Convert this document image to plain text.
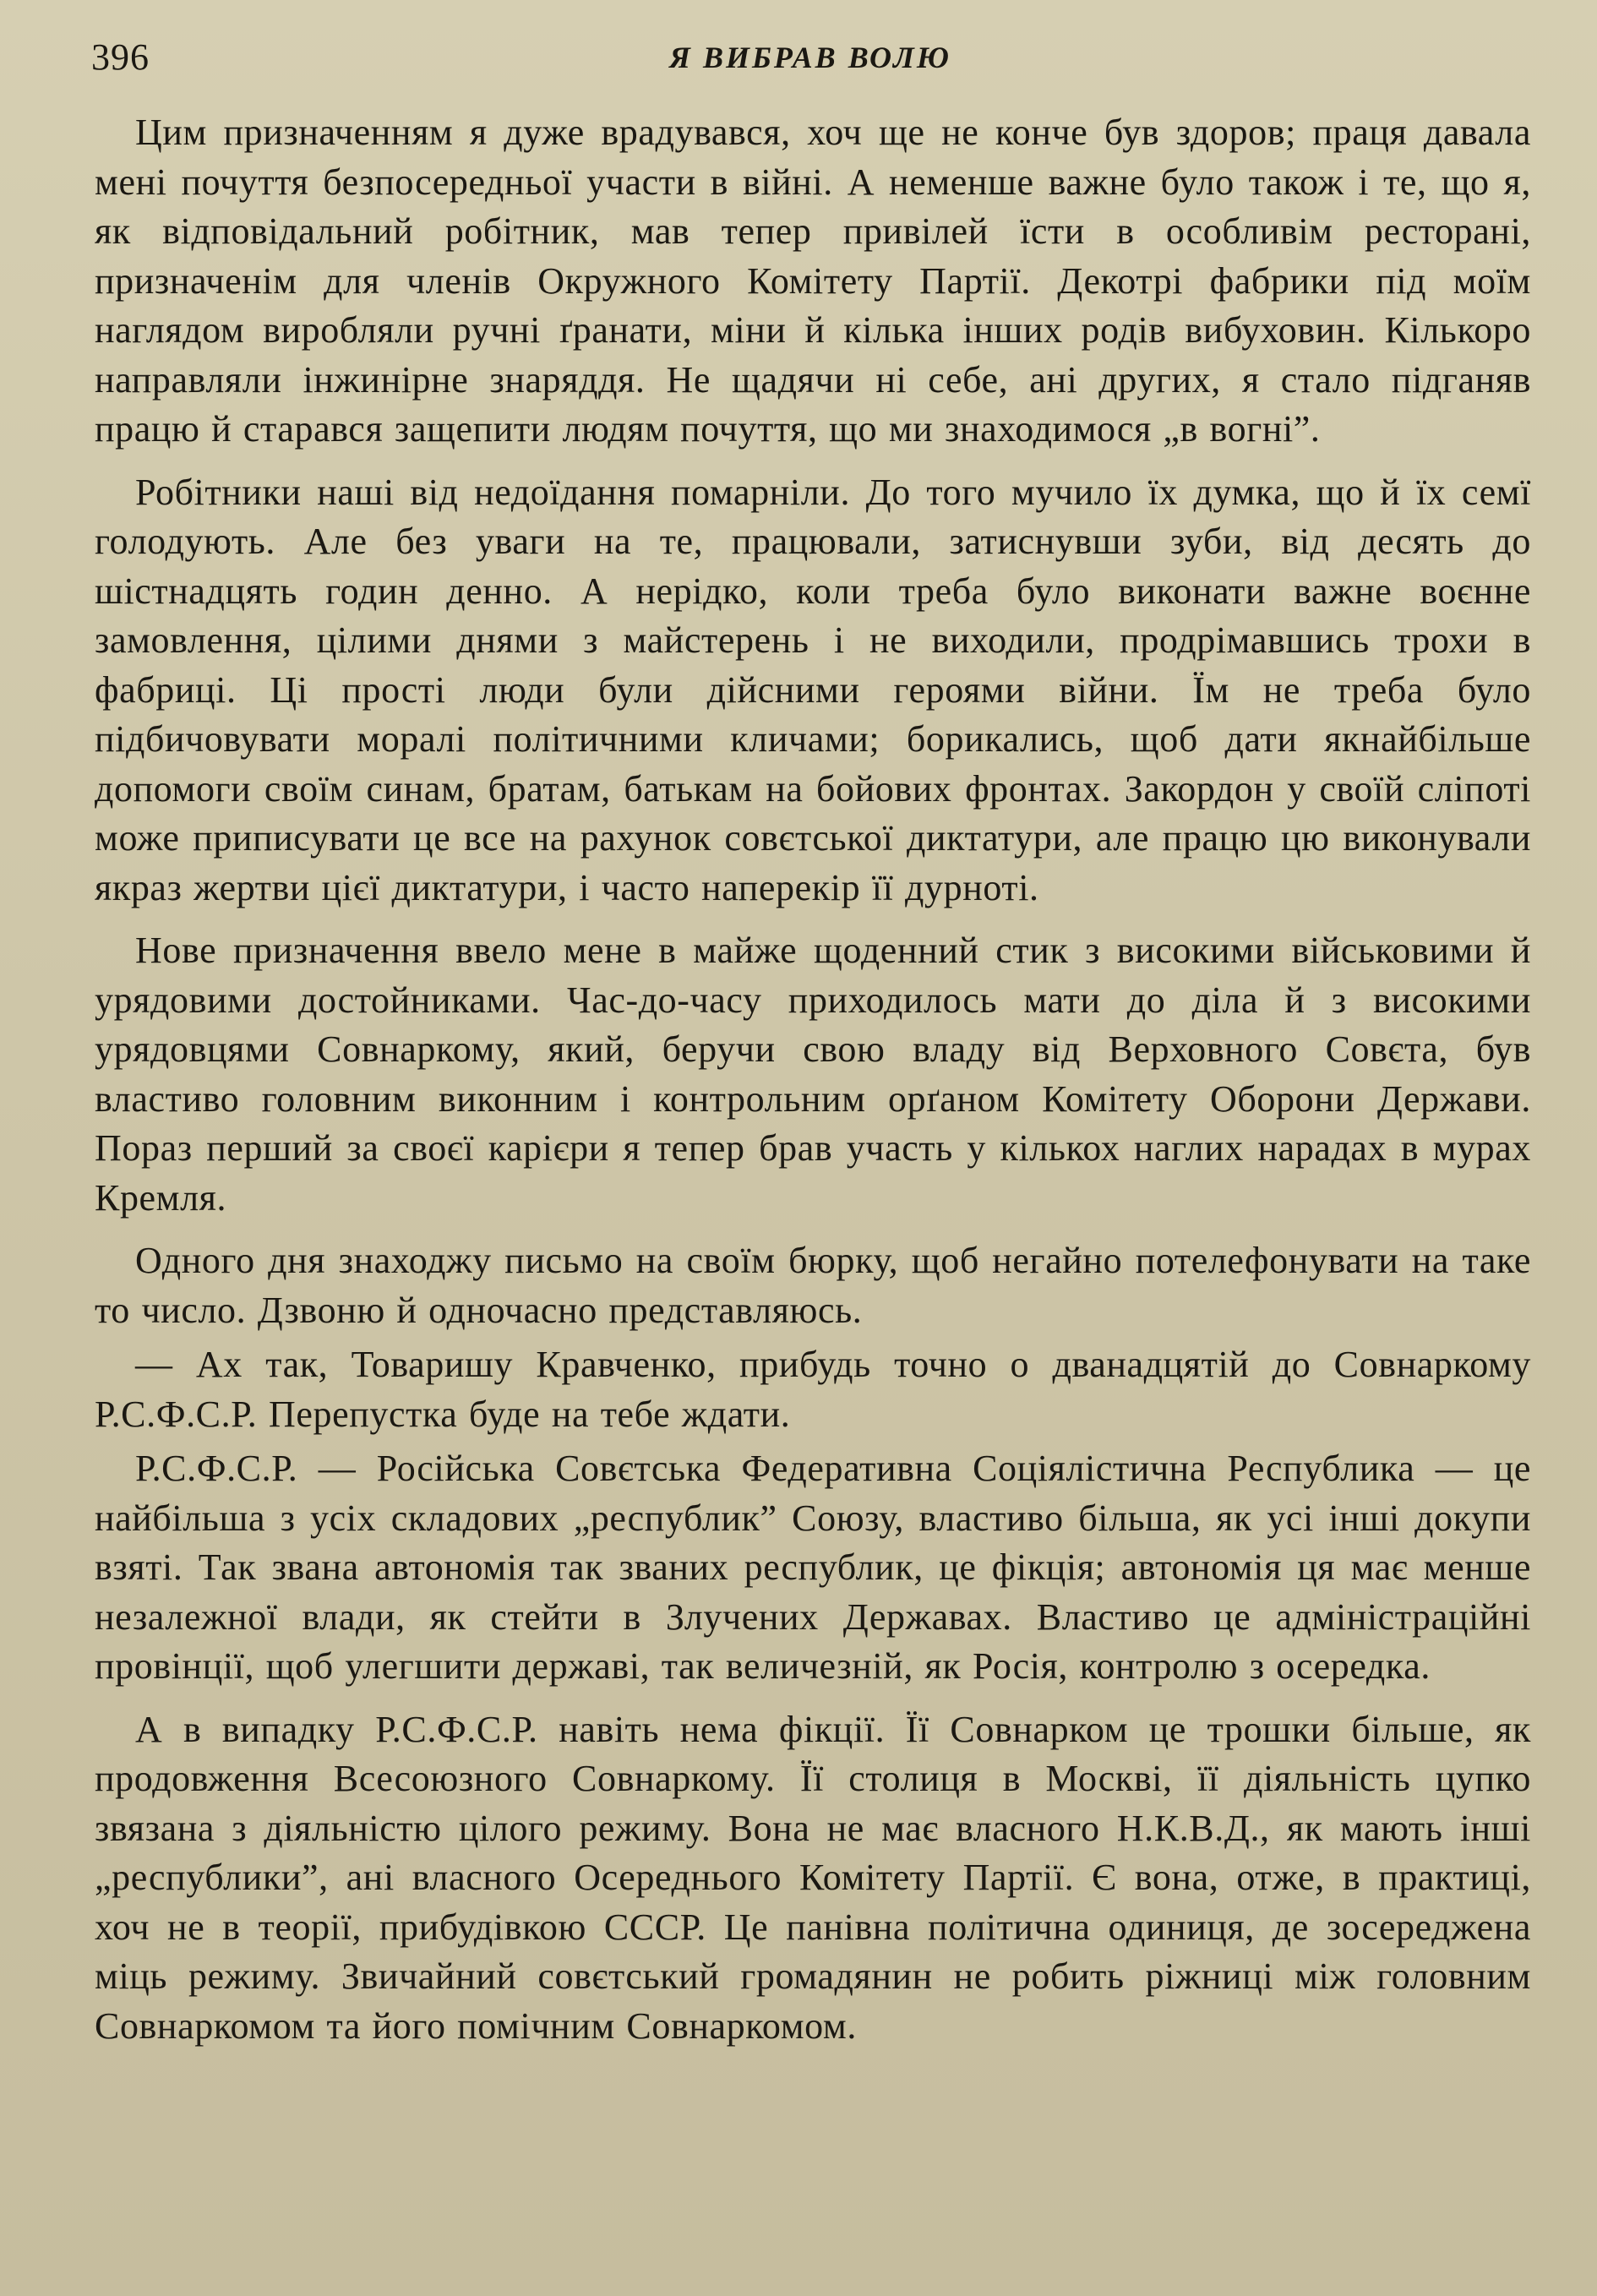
396	Я ВИБРАВ ВОЛЮ

Цим призначенням я дуже врадувався, хоч ще не конче був здоров; праця давала мені почуття безпосередньої участи в війні. А неменше важне було також і те, що я, як відповідальний робітник, мав тепер привілей їсти в особливім ресторані, призначенім для членів Окружного Комітету Партії. Декотрі фабрики під моїм наглядом виробляли ручні ґранати, міни й кілька інших родів вибуховин. Кількоро направляли інжинірне знаряддя. Не щадячи ні себе, ані других, я стало підганяв працю й старався защепити людям почуття, що ми знаходимося „в вогні”.

Робітники наші від недоїдання помарніли. До того мучило їх думка, що й їх семї голодують. Але без уваги на те, працювали, затиснувши зуби, від десять до шістнадцять годин денно. А нерідко, коли треба було виконати важне воєнне замовлення, цілими днями з майстерень і не виходили, продрімавшись трохи в фабриці. Ці прості люди були дійсними героями війни. Їм не треба було підбичовувати моралі політичними кличами; борикались, щоб дати якнайбільше допомоги своїм синам, братам, батькам на бойових фронтах. Закордон у своїй сліпоті може приписувати це все на рахунок совєтської диктатури, але працю цю виконували якраз жертви цієї диктатури, і часто наперекір її дурноті.

Нове призначення ввело мене в майже щоденний стик з високими військовими й урядовими достойниками. Час-до-часу приходилось мати до діла й з високими урядовцями Совнаркому, який, беручи свою владу від Верховного Совєта, був властиво головним виконним і контрольним орґаном Комітету Оборони Держави. Пораз перший за своєї карієри я тепер брав участь у кількох наглих нарадах в мурах Кремля.

Одного дня знаходжу письмо на своїм бюрку, щоб негайно потелефонувати на таке то число. Дзвоню й одночасно представляюсь.

— Ах так, Товаришу Кравченко, прибудь точно о дванадцятій до Совнаркому Р.С.Ф.С.Р. Перепустка буде на тебе ждати.

Р.С.Ф.С.Р. — Російська Совєтська Федеративна Соціялістична Республика — це найбільша з усіх складових „республик” Союзу, властиво більша, як усі інші докупи взяті. Так звана автономія так званих республик, це фікція; автономія ця має менше незалежної влади, як стейти в Злучених Державах. Властиво це адміністраційні провінції, щоб улегшити державі, так величезній, як Росія, контролю з осередка.

А в випадку Р.С.Ф.С.Р. навіть нема фікції. Її Совнарком це трошки більше, як продовження Всесоюзного Совнаркому. Її столиця в Москві, її діяльність цупко звязана з діяльністю цілого режиму. Вона не має власного Н.К.В.Д., як мають інші „республики”, ані власного Осереднього Комітету Партії. Є вона, отже, в практиці, хоч не в теорії, прибудівкою СССР. Це панівна політична одиниця, де зосереджена міць режиму. Звичайний совєтський громадянин не робить ріжниці між головним Совнаркомом та його помічним Совнаркомом.
